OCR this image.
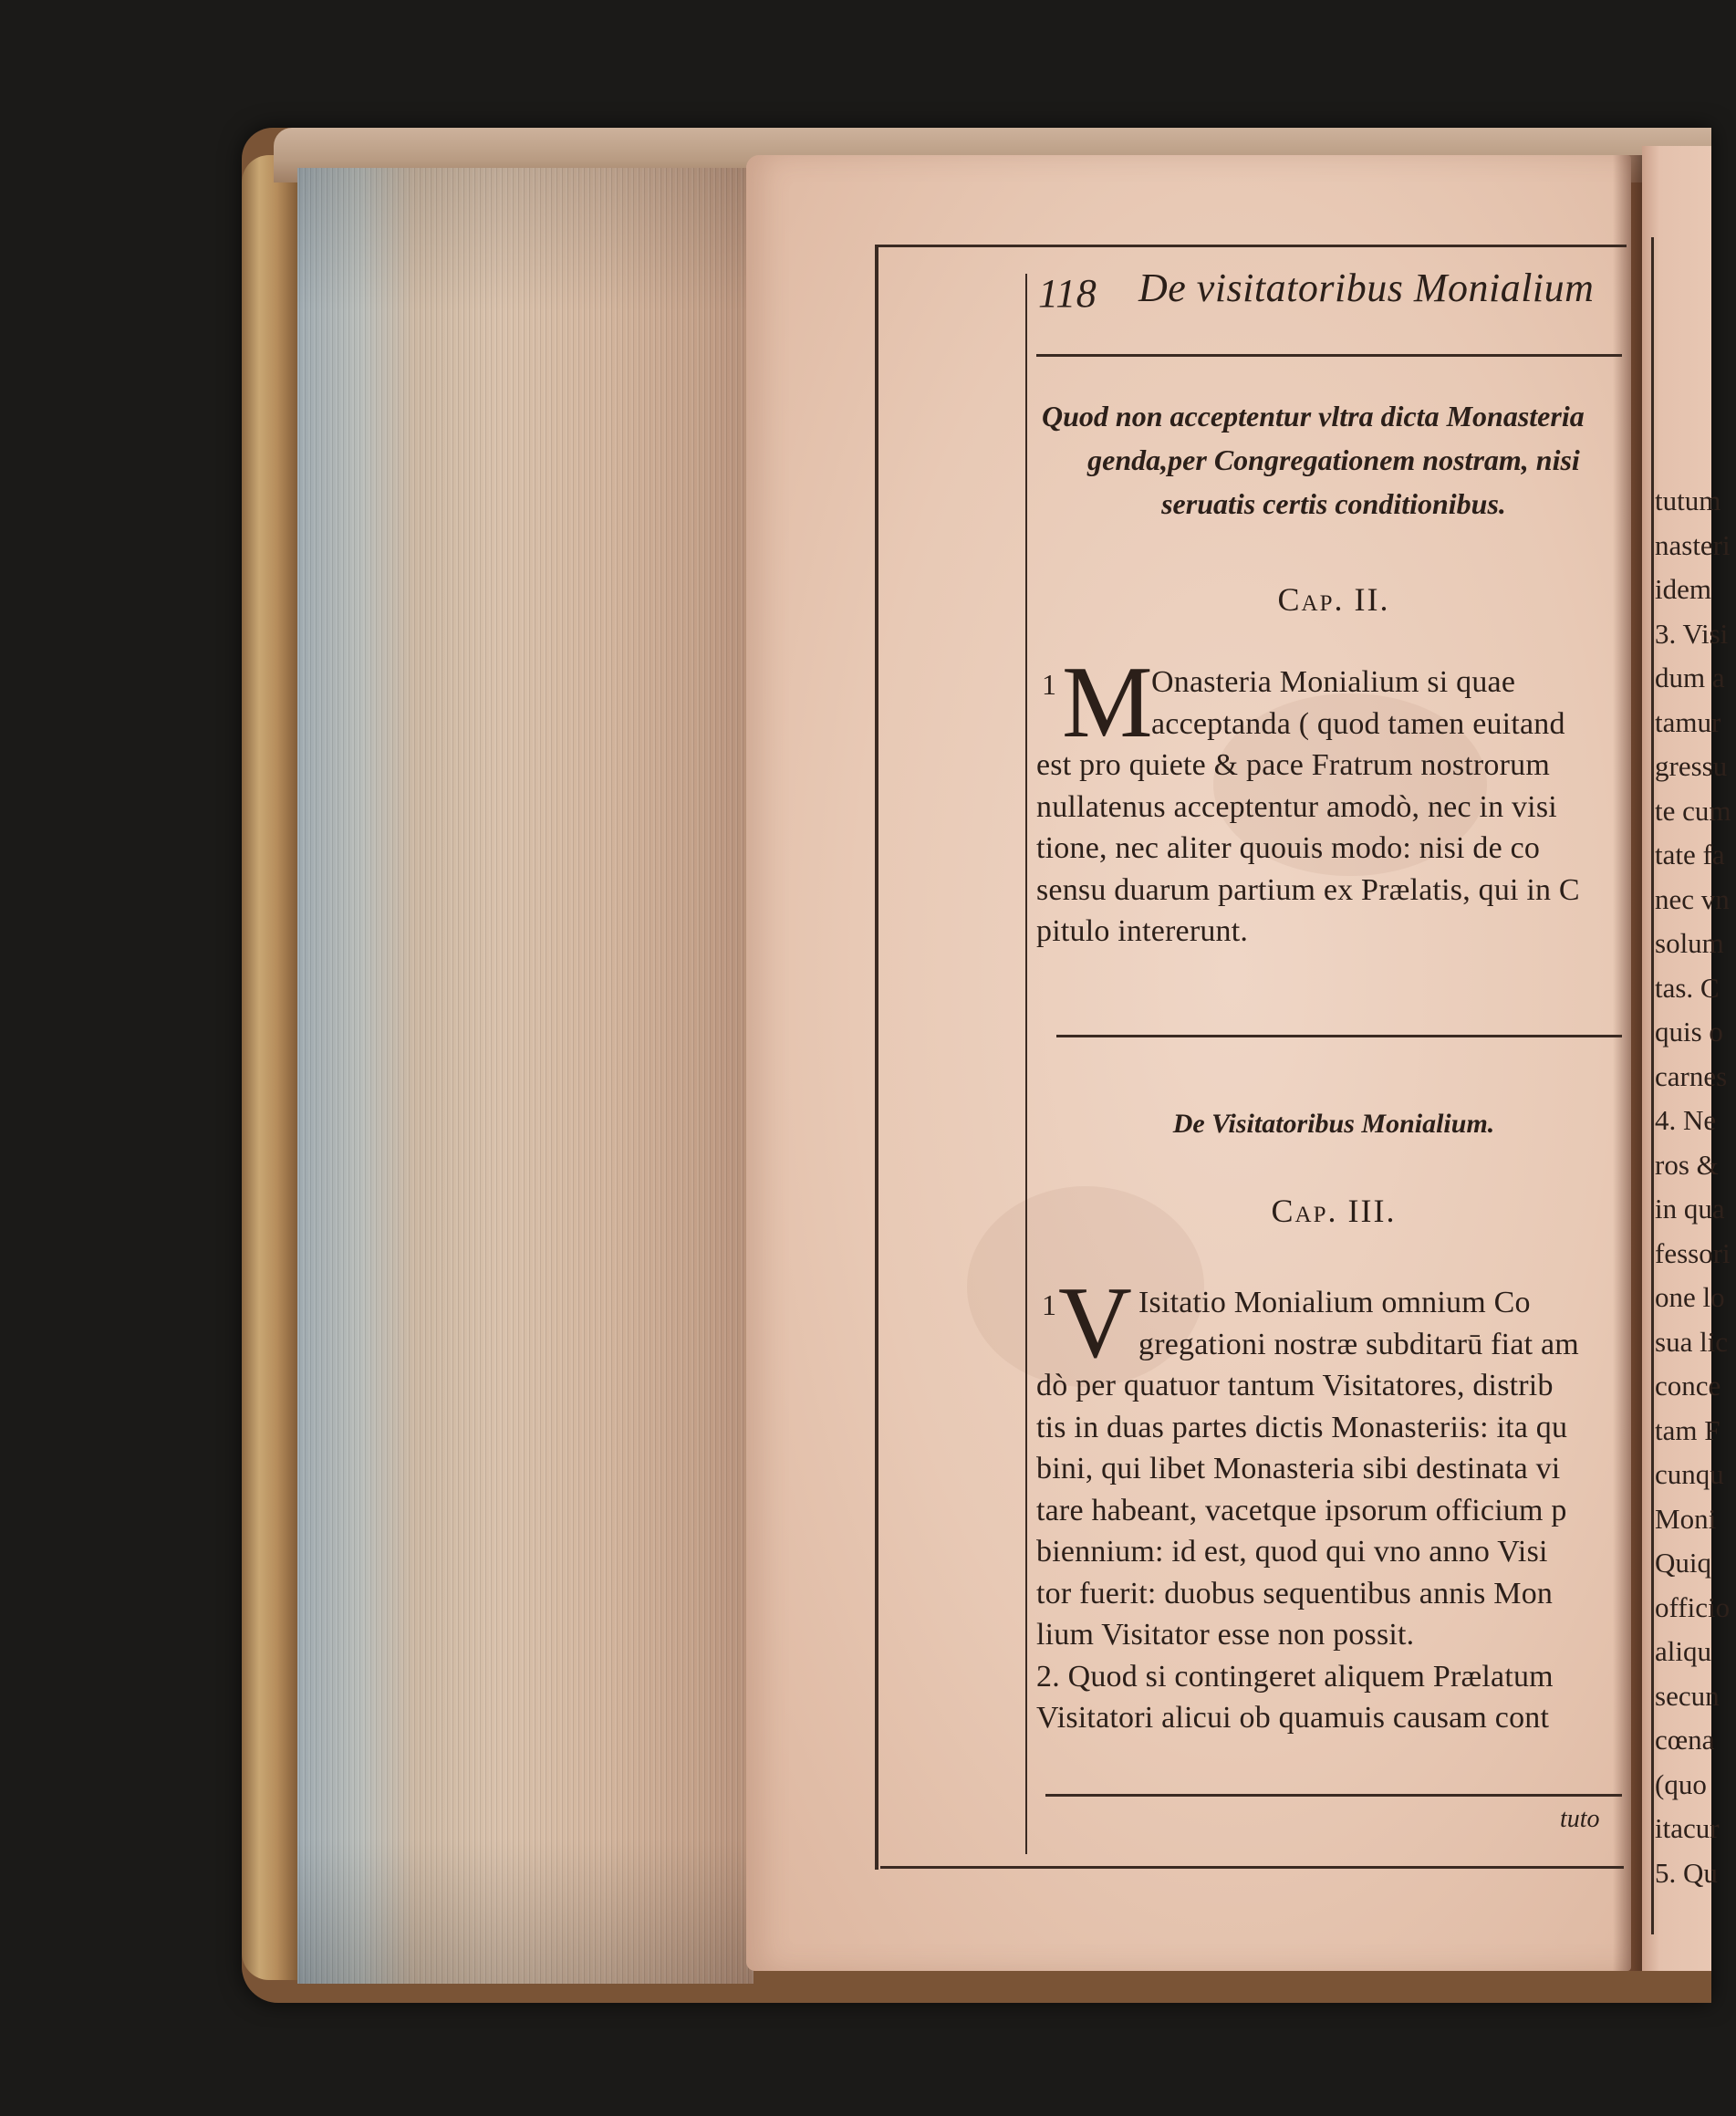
tutum
nasteri
idem
3. Visi
dum a
tamur
gressu
te cum
tate fa
nec vn
solum
tas. C
quis o
carnes
4. Ne
ros &
in qua
fessori
one lo
sua lic
conce
tam F
cunqu
Moni
Quiq
officio
aliqu
secun
cœna
(quo
itacur
5. Qu
118 De visitatoribus Monialium
Quod non acceptentur vltra dicta Monasteria
genda,per Congregationem nostram, nisi
seruatis certis conditionibus.
Cap. II.
1 M
Onasteria Monialium si quae
acceptanda ( quod tamen euitand
est pro quiete & pace Fratrum nostrorum
nullatenus acceptentur amodò, nec in visi
tione, nec aliter quouis modo: nisi de co
sensu duarum partium ex Prælatis, qui in C
pitulo intererunt.
De Visitatoribus Monialium.
Cap. III.
1 V Isitatio Monialium omnium Co
gregationi nostræ subditarū fiat am
dò per quatuor tantum Visitatores, distrib
tis in duas partes dictis Monasteriis: ita qu
bini, qui libet Monasteria sibi destinata vi
tare habeant, vacetque ipsorum officium p
biennium: id est, quod qui vno anno Visi
tor fuerit: duobus sequentibus annis Mon
lium Visitator esse non possit.
2. Quod si contingeret aliquem Prælatum
Visitatori alicui ob quamuis causam cont
tuto
